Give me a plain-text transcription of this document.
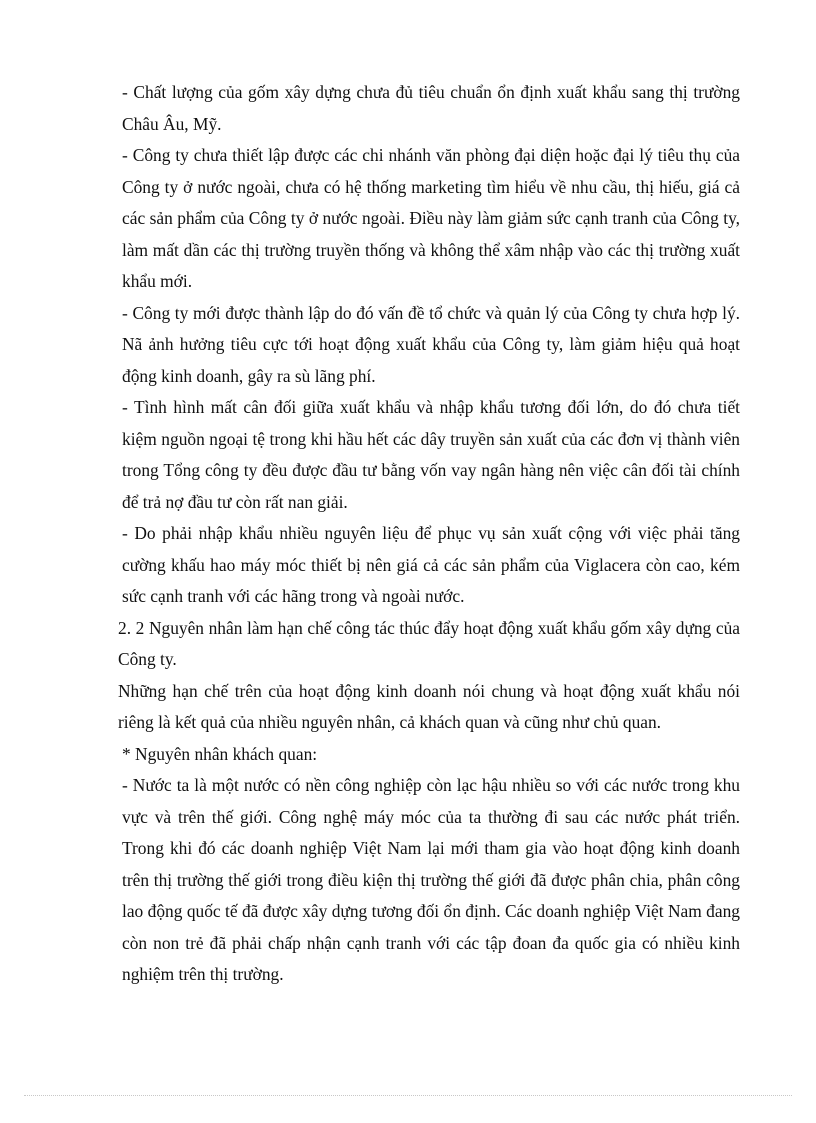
- Chất lượng của gốm xây dựng chưa đủ tiêu chuẩn ổn định xuất khẩu sang thị trường Châu Âu, Mỹ.

- Công ty chưa thiết lập được các chi nhánh văn phòng đại diện hoặc đại lý tiêu thụ của Công ty ở nước ngoài, chưa có hệ thống marketing tìm hiểu về nhu cầu, thị hiếu, giá cả các sản phẩm của Công ty ở nước ngoài. Điều này làm giảm sức cạnh tranh của Công ty, làm mất dần các thị trường truyền thống và không thể xâm nhập vào các thị trường xuất khẩu mới.

- Công ty mới được thành lập do đó vấn đề tổ chức và quản lý của Công ty chưa hợp lý. Nã ảnh hưởng tiêu cực tới hoạt động xuất khẩu của Công ty, làm giảm hiệu quả hoạt động kinh doanh, gây ra sù lãng phí.

- Tình hình mất cân đối giữa xuất khẩu và nhập khẩu tương đối lớn, do đó chưa tiết kiệm nguồn ngoại tệ trong khi hầu hết các dây truyền sản xuất của các đơn vị thành viên trong Tổng công ty đều được đầu tư bằng vốn vay ngân hàng nên việc cân đối tài chính để trả nợ đầu tư còn rất nan giải.

- Do phải nhập khẩu nhiều nguyên liệu để phục vụ sản xuất cộng với việc phải tăng cường khấu hao máy móc thiết bị nên giá cả các sản phẩm của Viglacera còn cao, kém sức cạnh tranh với các hãng trong và ngoài nước.

2. 2 Nguyên nhân làm hạn chế công tác thúc đẩy hoạt động xuất khẩu gốm xây dựng của Công ty.

Những hạn chế trên của hoạt động kinh doanh nói chung và hoạt động xuất khẩu nói riêng là kết quả của nhiều nguyên nhân, cả khách quan và cũng như chủ quan.

* Nguyên nhân khách quan:

- Nước ta là một nước có nền công nghiệp còn lạc hậu nhiều so với các nước trong khu vực và trên thế giới. Công nghệ máy móc của ta thường đi sau các nước phát triển. Trong khi đó các doanh nghiệp Việt Nam lại mới tham gia vào hoạt động kinh doanh trên thị trường thế giới trong điều kiện thị trường thế giới đã được phân chia, phân công lao động quốc tế đã được xây dựng tương đối ổn định. Các doanh nghiệp Việt Nam đang còn non trẻ đã phải chấp nhận cạnh tranh với các tập đoan đa quốc gia có nhiều kinh nghiệm trên thị trường.
